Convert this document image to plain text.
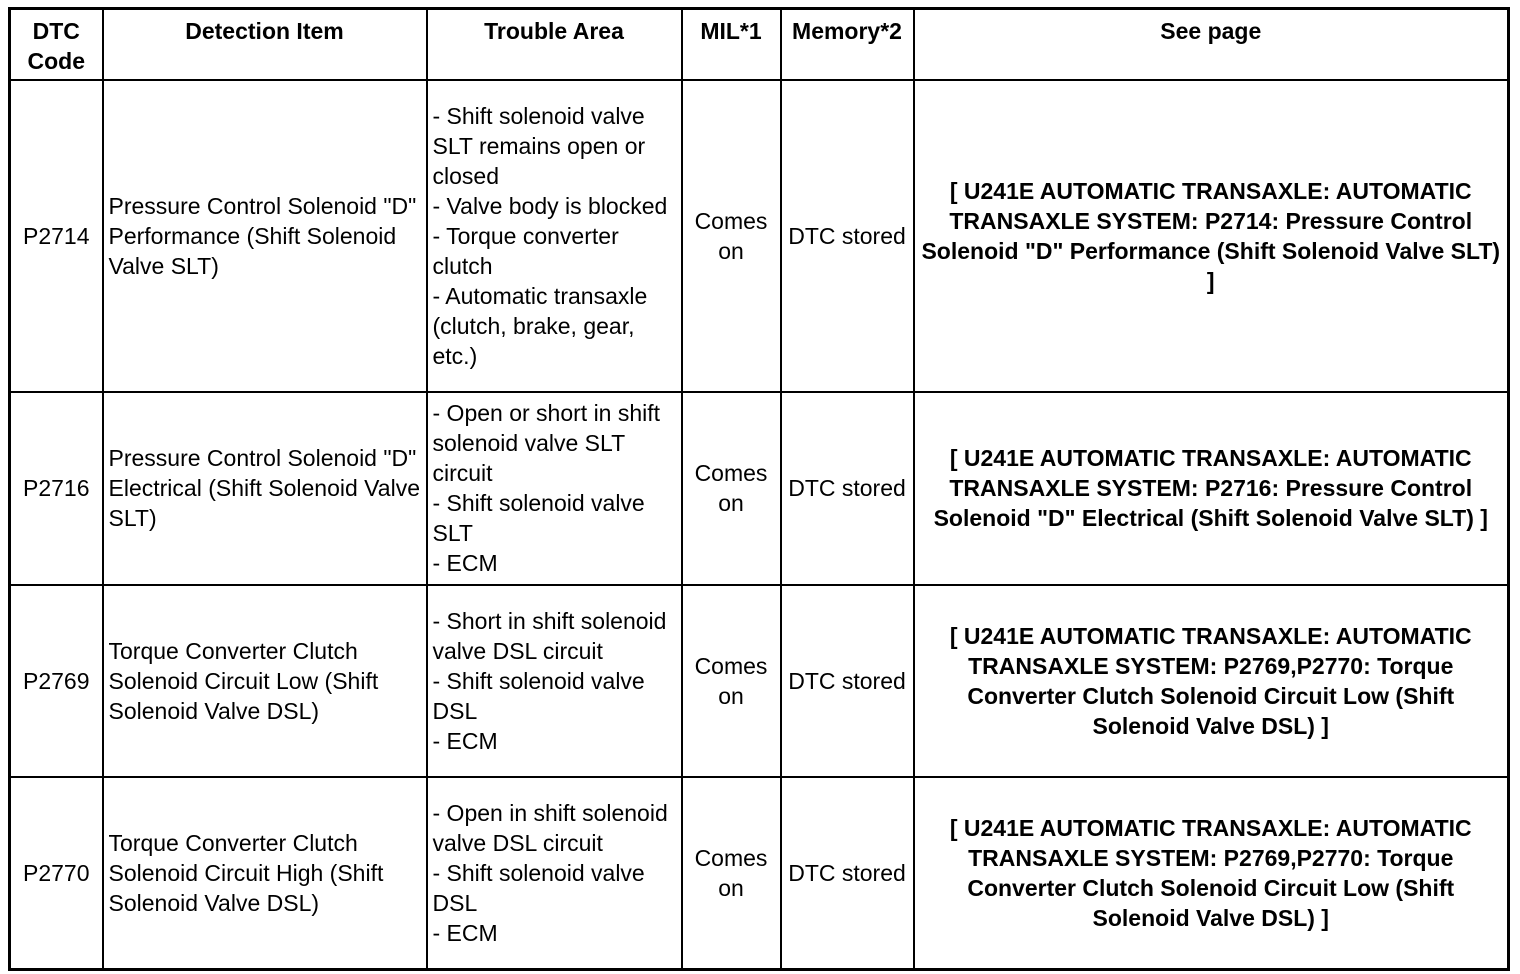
DTC Code	Detection Item	Trouble Area	MIL*1	Memory*2	See page
P2714	Pressure Control Solenoid "D" Performance (Shift Solenoid Valve SLT)	- Shift solenoid valve SLT remains open or closed
- Valve body is blocked
- Torque converter clutch
- Automatic transaxle (clutch, brake, gear, etc.)	Comes on	DTC stored	[ U241E AUTOMATIC TRANSAXLE: AUTOMATIC TRANSAXLE SYSTEM: P2714: Pressure Control Solenoid "D" Performance (Shift Solenoid Valve SLT) ]
P2716	Pressure Control Solenoid "D" Electrical (Shift Solenoid Valve SLT)	- Open or short in shift solenoid valve SLT circuit
- Shift solenoid valve SLT
- ECM	Comes on	DTC stored	[ U241E AUTOMATIC TRANSAXLE: AUTOMATIC TRANSAXLE SYSTEM: P2716: Pressure Control Solenoid "D" Electrical (Shift Solenoid Valve SLT) ]
P2769	Torque Converter Clutch Solenoid Circuit Low (Shift Solenoid Valve DSL)	- Short in shift solenoid valve DSL circuit
- Shift solenoid valve DSL
- ECM	Comes on	DTC stored	[ U241E AUTOMATIC TRANSAXLE: AUTOMATIC TRANSAXLE SYSTEM: P2769,P2770: Torque Converter Clutch Solenoid Circuit Low (Shift Solenoid Valve DSL) ]
P2770	Torque Converter Clutch Solenoid Circuit High (Shift Solenoid Valve DSL)	- Open in shift solenoid valve DSL circuit
- Shift solenoid valve DSL
- ECM	Comes on	DTC stored	[ U241E AUTOMATIC TRANSAXLE: AUTOMATIC TRANSAXLE SYSTEM: P2769,P2770: Torque Converter Clutch Solenoid Circuit Low (Shift Solenoid Valve DSL) ]
